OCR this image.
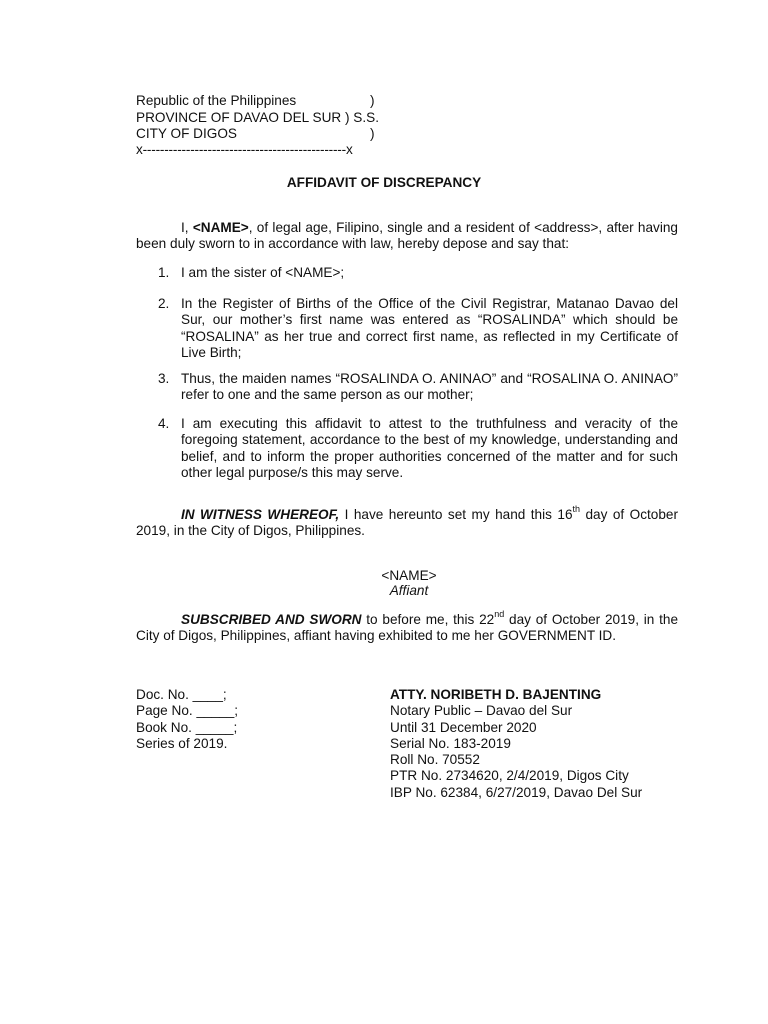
Republic of the Philippines	)
PROVINCE OF DAVAO DEL SUR ) S.S.
CITY OF DIGOS	)
x-----------------------------------------------x
AFFIDAVIT OF DISCREPANCY
I, <NAME>, of legal age, Filipino, single and a resident of <address>, after having been duly sworn to in accordance with law, hereby depose and say that:
1. I am the sister of <NAME>;
2. In the Register of Births of the Office of the Civil Registrar, Matanao Davao del Sur, our mother’s first name was entered as “ROSALINDA” which should be “ROSALINA” as her true and correct first name, as reflected in my Certificate of Live Birth;
3. Thus, the maiden names “ROSALINDA O. ANINAO” and “ROSALINA O. ANINAO” refer to one and the same person as our mother;
4. I am executing this affidavit to attest to the truthfulness and veracity of the foregoing statement, accordance to the best of my knowledge, understanding and belief, and to inform the proper authorities concerned of the matter and for such other legal purpose/s this may serve.
IN WITNESS WHEREOF, I have hereunto set my hand this 16th day of October 2019, in the City of Digos, Philippines.
<NAME>
Affiant
SUBSCRIBED AND SWORN to before me, this 22nd day of October 2019, in the City of Digos, Philippines, affiant having exhibited to me her GOVERNMENT ID.
Doc. No. ____;
Page No. _____;
Book No. _____;
Series of 2019.
ATTY. NORIBETH D. BAJENTING
Notary Public – Davao del Sur
Until 31 December 2020
Serial No. 183-2019
Roll No. 70552
PTR No. 2734620, 2/4/2019, Digos City
IBP No. 62384, 6/27/2019, Davao Del Sur
